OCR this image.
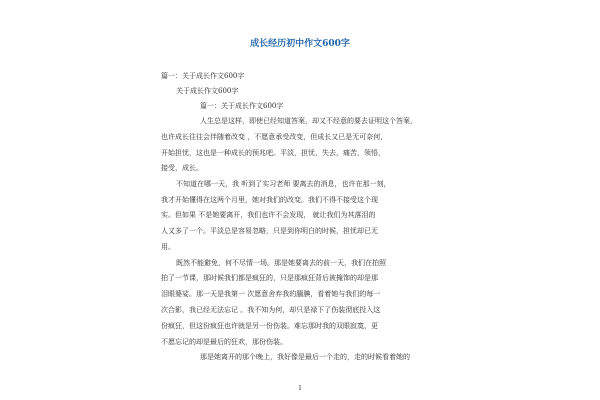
成长经历初中作文600字
篇一：关于成长作文600字
关于成长作文600字
篇一：关于成长作文600字
人生总是这样，即使已经知道答案，却又不经意的要去证明这个答案，
也许成长往往会伴随着改变 ，不愿意承受改变，但成长又已是无可奈何，
开始担忧，这也是一种成长的预兆吧。平淡，担忧，失去，痛苦，领悟，
接受，成长。
不知道在哪一天，我 听到了实习老师 要离去的消息，也许在那一刻，
我才开始懂得在这两个月里，她对我们的改变。我们不得不接受这个现
实。但如果 不是她要离开，我们也许不会发现， 就让我们为其落泪的
人又多了一个。平淡总是容易忽略，只是到你明白的时候，担忧却已无
用。
既然不能避免，何不尽情一场。那是她要离去的前一天，我们在拍照
拍了一节课，那时候我们都是疯狂的，只是那疯狂背后被掩饰的却是那
泪眼婆娑。那一天是我第一 次愿意舍弃我的腼腆，看着她与我们的每一
次合影，我已经无法忘记 。我不知为何，却只是禄下了伤装彻底投入这
份疯狂，但这份疯狂也许就是另一份伤装。难忘那时我的双眼寂寞，更
不愿忘记的却是最后的狂欢，那份伤装。
那是她离开的那个晚上，我好像是最后一个走的，走的时候看着她的
1
